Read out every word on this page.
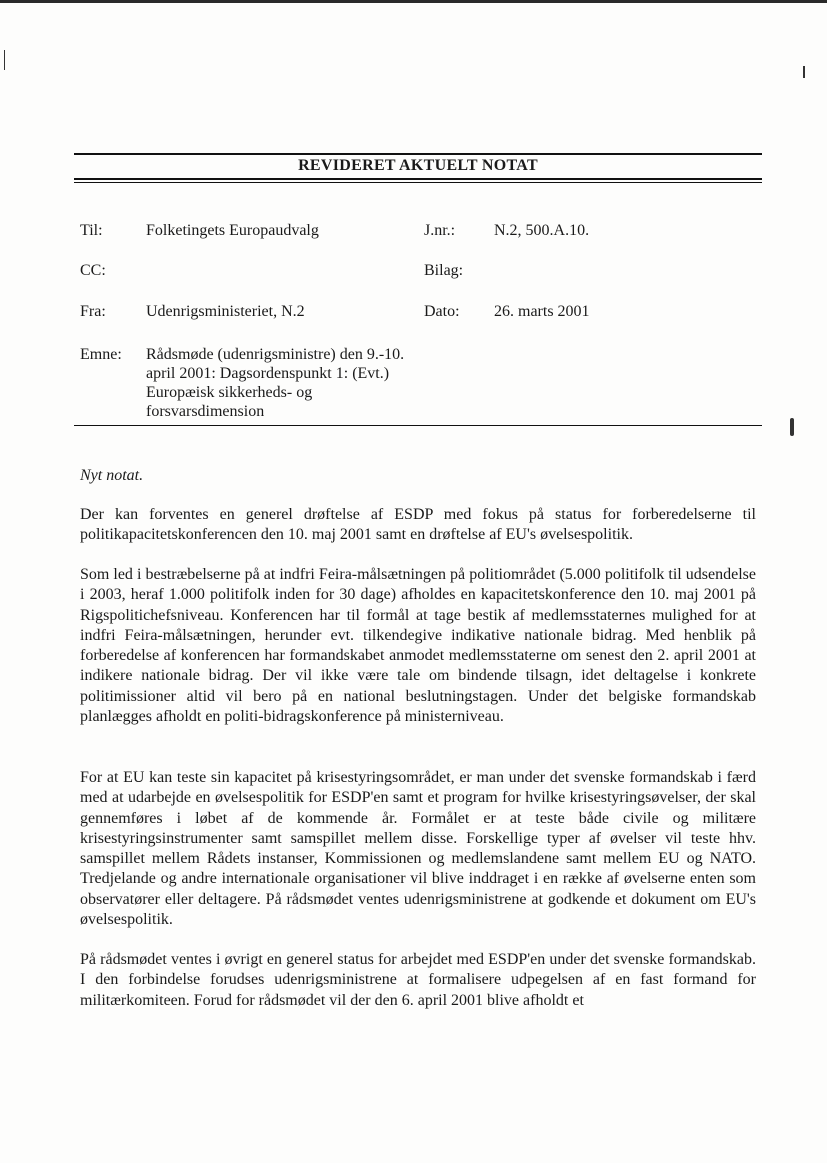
REVIDERET AKTUELT NOTAT
Til:	Folketingets Europaudvalg	J.nr.: N.2, 500.A.10.
CC:	Bilag:
Fra:	Udenrigsministeriet, N.2	Dato: 26. marts 2001
Emne: Rådsmøde (udenrigsministre) den 9.-10. april 2001: Dagsordenspunkt 1: (Evt.) Europæisk sikkerheds- og forsvarsdimension
Nyt notat.
Der kan forventes en generel drøftelse af ESDP med fokus på status for forberedelserne til politikapacitetskonferencen den 10. maj 2001 samt en drøftelse af EU's øvelsespolitik.
Som led i bestræbelserne på at indfri Feira-målsætningen på politiområdet (5.000 politifolk til udsendelse i 2003, heraf 1.000 politifolk inden for 30 dage) afholdes en kapacitetskonference den 10. maj 2001 på Rigspolitichefsniveau. Konferencen har til formål at tage bestik af medlemsstaternes mulighed for at indfri Feira-målsætningen, herunder evt. tilkendegive indikative nationale bidrag. Med henblik på forberedelse af konferencen har formandskabet anmodet medlemsstaterne om senest den 2. april 2001 at indikere nationale bidrag. Der vil ikke være tale om bindende tilsagn, idet deltagelse i konkrete politimissioner altid vil bero på en national beslutningstagen. Under det belgiske formandskab planlægges afholdt en politi-bidragskonference på ministerniveau.
For at EU kan teste sin kapacitet på krisestyringsområdet, er man under det svenske formandskab i færd med at udarbejde en øvelsespolitik for ESDP'en samt et program for hvilke krisestyringsøvelser, der skal gennemføres i løbet af de kommende år. Formålet er at teste både civile og militære krisestyringsinstrumenter samt samspillet mellem disse. Forskellige typer af øvelser vil teste hhv. samspillet mellem Rådets instanser, Kommissionen og medlemslandene samt mellem EU og NATO. Tredjelande og andre internationale organisationer vil blive inddraget i en række af øvelserne enten som observatører eller deltagere. På rådsmødet ventes udenrigsministrene at godkende et dokument om EU's øvelsespolitik.
På rådsmødet ventes i øvrigt en generel status for arbejdet med ESDP'en under det svenske formandskab. I den forbindelse forudses udenrigsministrene at formalisere udpegelsen af en fast formand for militærkomiteen. Forud for rådsmødet vil der den 6. april 2001 blive afholdt et
